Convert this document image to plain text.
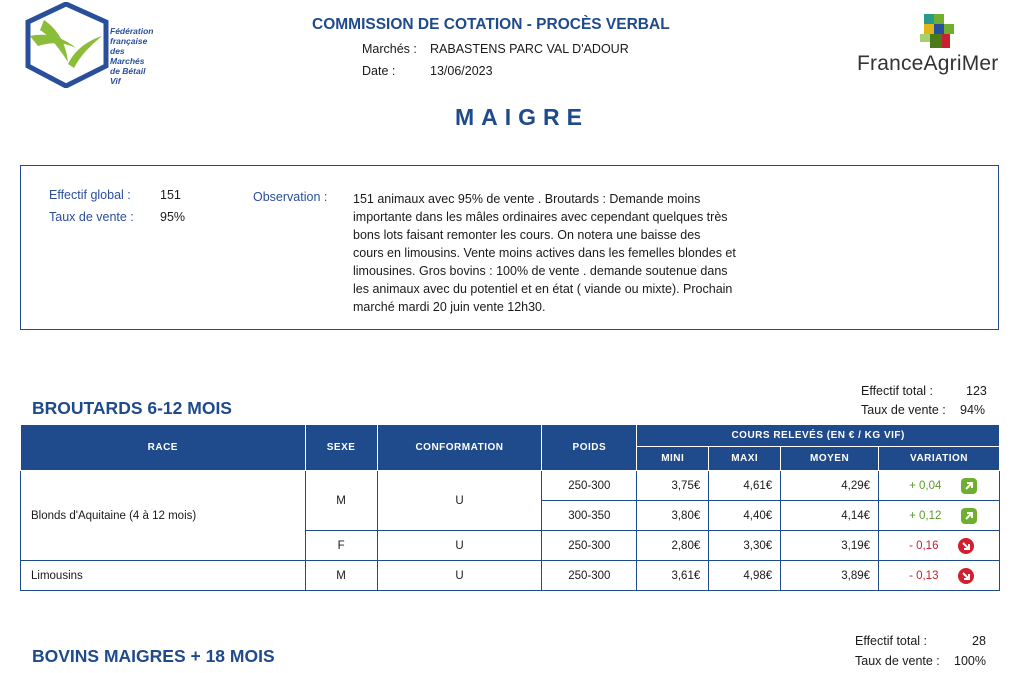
Fédération
française
des Marchés
de Bétail Vif
COMMISSION DE COTATION - PROCÈS VERBAL
Marchés : RABASTENS PARC VAL D'ADOUR
Date :	13/06/2023	FranceAgriMer
MAIGRE
Effectif global : 151
Taux de vente : 95%
Observation : 151 animaux avec 95% de vente . Broutards : Demande moins
importante dans les mâles ordinaires avec cependant quelques très
bons lots faisant remonter les cours. On notera une baisse des
cours en limousins. Vente moins actives dans les femelles blondes et
limousines. Gros bovins : 100% de vente . demande soutenue dans
les animaux avec du potentiel et en état ( viande ou mixte). Prochain
marché mardi 20 juin vente 12h30.
BROUTARDS 6-12 MOIS
Effectif total :	123
Taux de vente : 94%
RACE	SEXE	CONFORMATION	POIDS	COURS RELEVÉS (EN € / KG VIF)			
				MINI	MAXI	MOYEN	VARIATION
Blonds d'Aquitaine (4 à 12 mois)	M	U	250-300	3,75€	4,61€	4,29€	+ 0,04

			300-350	3,80€	4,40€	4,14€	+ 0,12

	F	U	250-300	2,80€	3,30€	3,19€	- 0,16

Limousins	M	U	250-300	3,61€	4,98€	3,89€	- 0,13
BOVINS MAIGRES + 18 MOIS
Effectif total :	28
Taux de vente : 100%
